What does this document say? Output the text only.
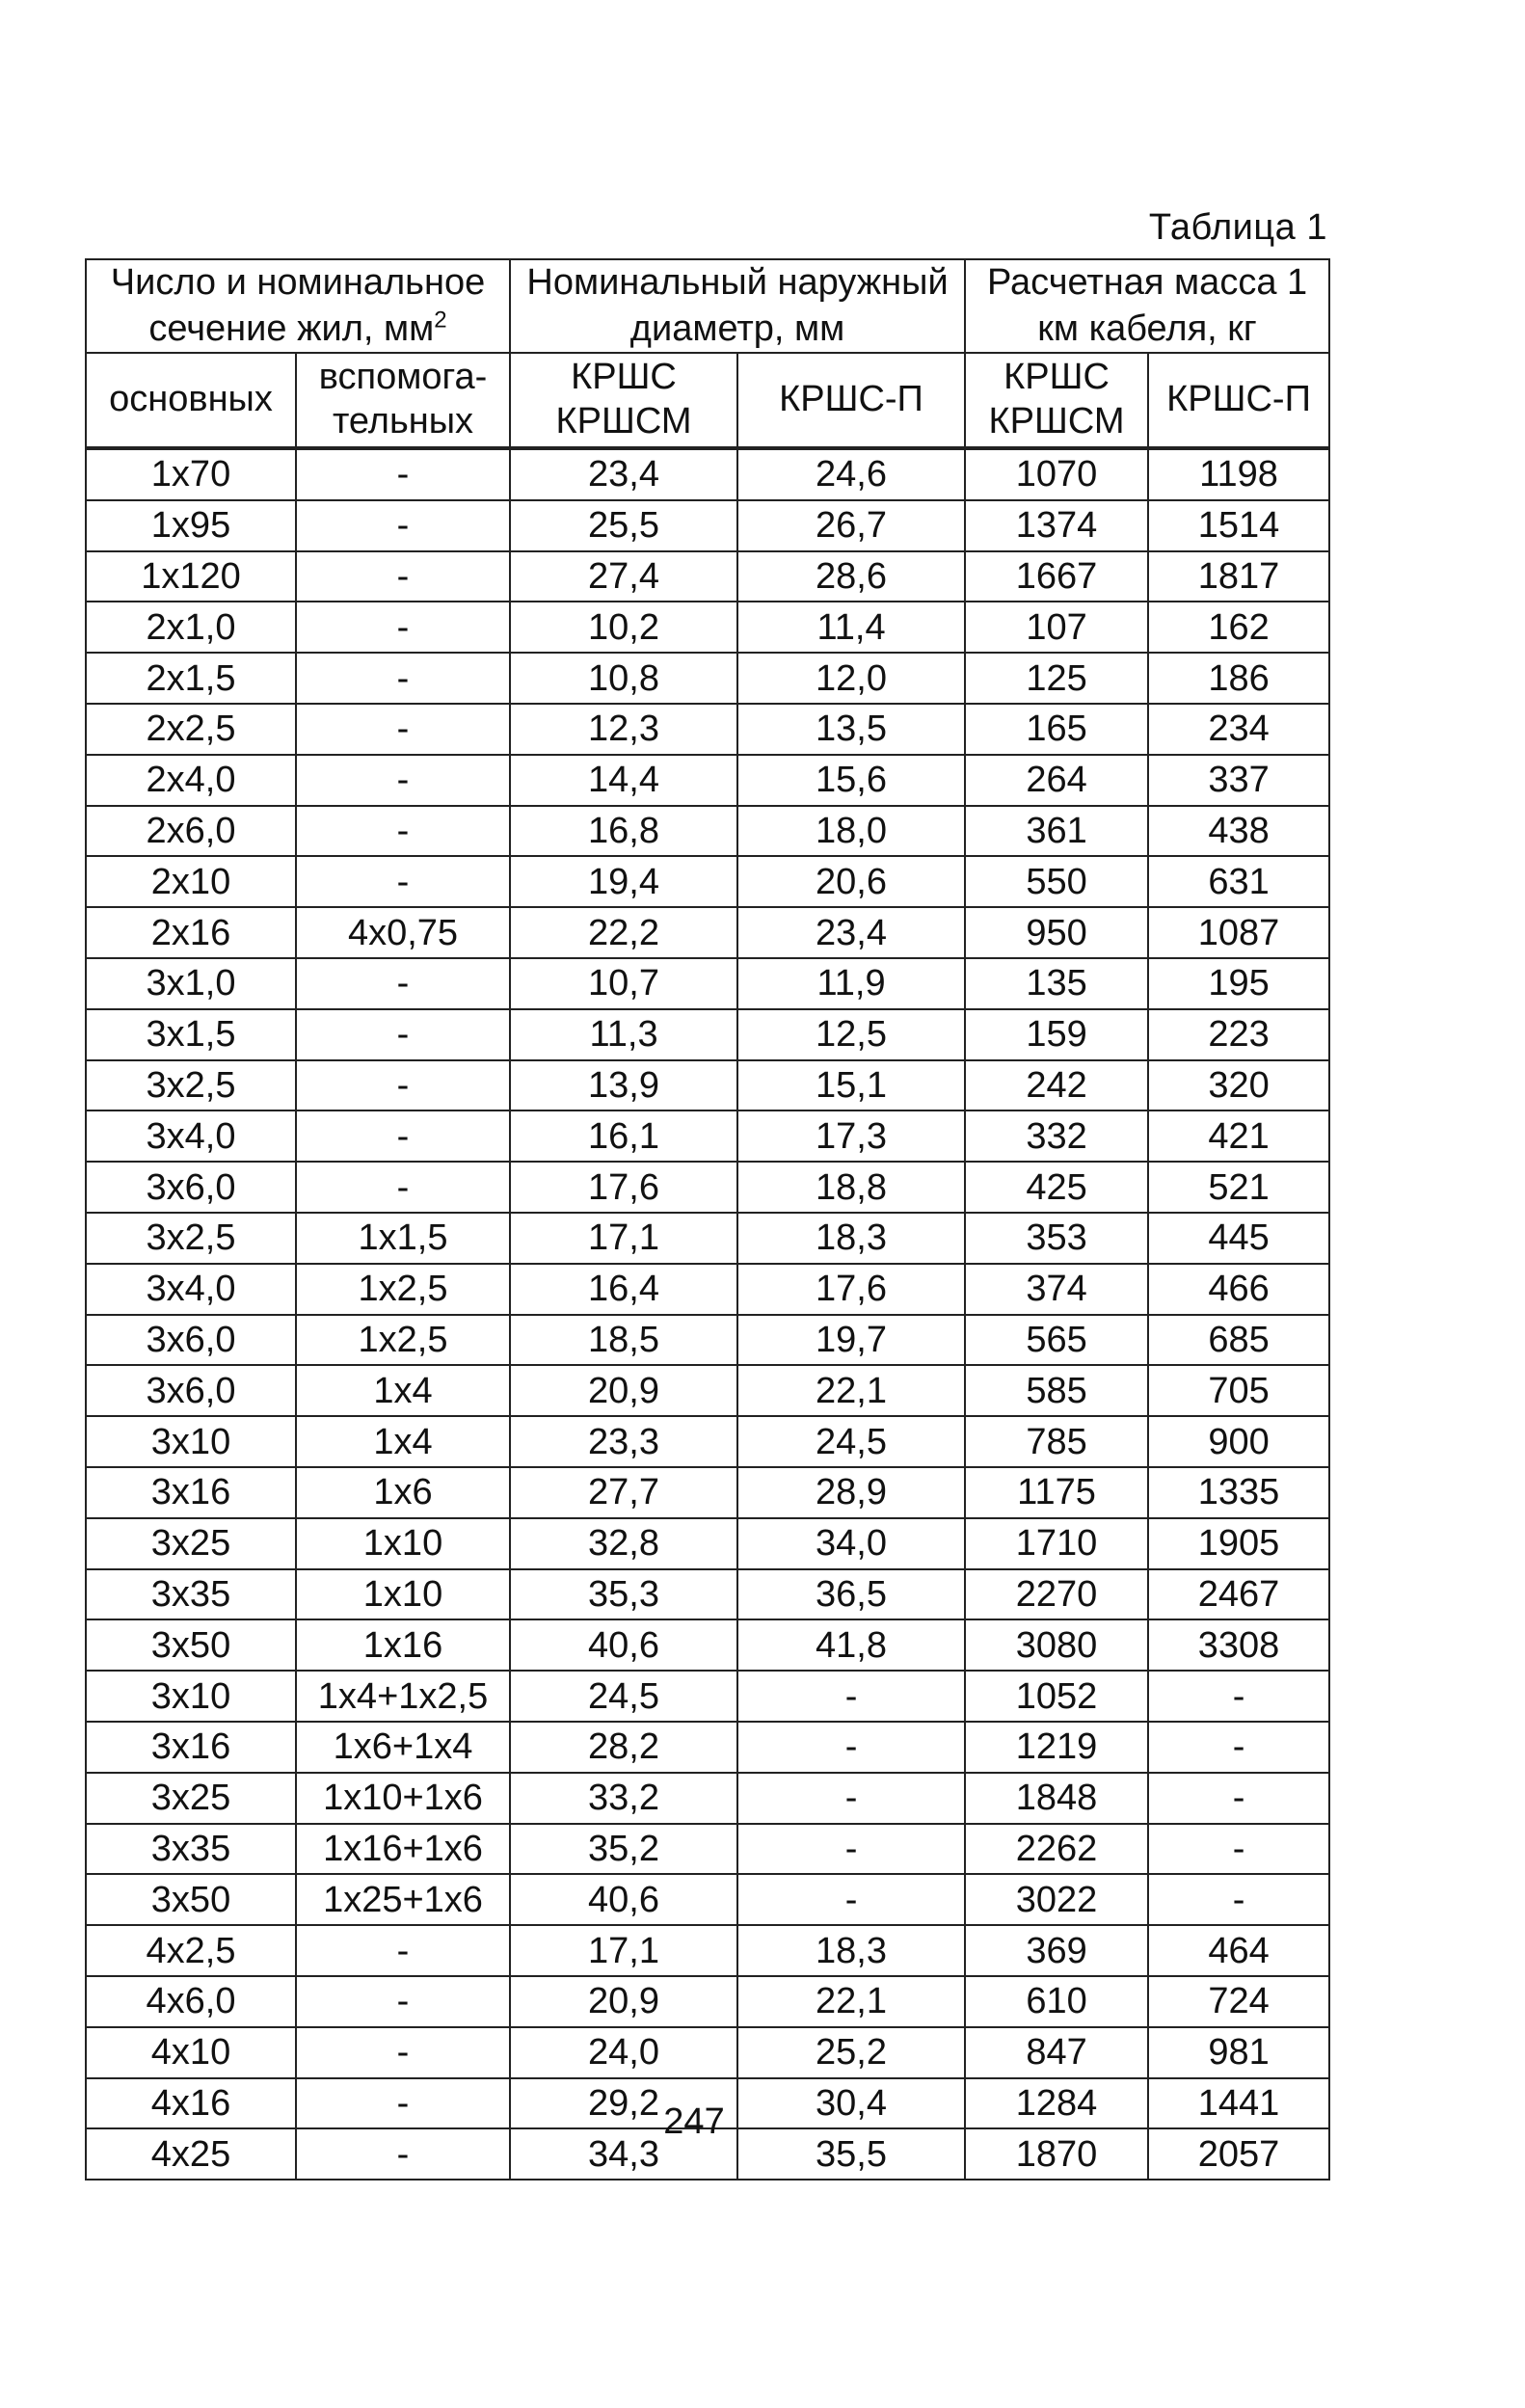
Таблица 1
Число и номинальное сечение жил, $мм^2$		Номинальный наружный диаметр, мм		Расчетная масса 1 км кабеля, кг	
основных	вспомога-тельных	КРШС КРШСМ	КРШС-П	КРШС КРШСМ	КРШС-П
1х70	-	23,4	24,6	1070	1198
1х95	-	25,5	26,7	1374	1514
1х120	-	27,4	28,6	1667	1817
2х1,0	-	10,2	11,4	107	162
2х1,5	-	10,8	12,0	125	186
2х2,5	-	12,3	13,5	165	234
2х4,0	-	14,4	15,6	264	337
2х6,0	-	16,8	18,0	361	438
2х10	-	19,4	20,6	550	631
2х16	4х0,75	22,2	23,4	950	1087
3х1,0	-	10,7	11,9	135	195
3х1,5	-	11,3	12,5	159	223
3х2,5	-	13,9	15,1	242	320
3х4,0	-	16,1	17,3	332	421
3х6,0	-	17,6	18,8	425	521
3х2,5	1х1,5	17,1	18,3	353	445
3х4,0	1х2,5	16,4	17,6	374	466
3х6,0	1х2,5	18,5	19,7	565	685
3х6,0	1х4	20,9	22,1	585	705
3х10	1х4	23,3	24,5	785	900
3х16	1х6	27,7	28,9	1175	1335
3х25	1х10	32,8	34,0	1710	1905
3х35	1х10	35,3	36,5	2270	2467
3х50	1х16	40,6	41,8	3080	3308
3х10	1х4+1х2,5	24,5	-	1052	-
3х16	1х6+1х4	28,2	-	1219	-
3х25	1х10+1х6	33,2	-	1848	-
3х35	1х16+1х6	35,2	-	2262	-
3х50	1х25+1х6	40,6	-	3022	-
4х2,5	-	17,1	18,3	369	464
4х6,0	-	20,9	22,1	610	724
4х10	-	24,0	25,2	847	981
4х16	-	29,2	30,4	1284	1441
4х25	-	34,3	35,5	1870	2057
247
